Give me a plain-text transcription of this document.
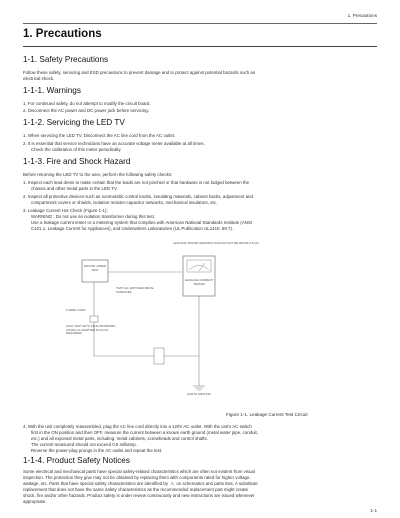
1. Precautions
1. Precautions
1-1. Safety Precautions
Follow these safety, servicing and ESD precautions to prevent damage and to protect against potential hazards such as
electrical shock.
1-1-1. Warnings
1. For continued safety, do not attempt to modify the circuit board.
2. Disconnect the AC power and DC power jack before servicing.
1-1-2. Servicing the LED TV
1. When servicing the LED TV, Disconnect the AC line cord from the AC outlet.
2. It is essential that service technicians have an accurate voltage meter available at all times.
Check the calibration of this meter periodically.
1-1-3. Fire and Shock Hazard
Before returning the LED TV to the user, perform the following safety checks:
1. Inspect each lead dress to make certain that the leads are not pinched or that hardware is not lodged between the
chassis and other metal parts in the LED TV.
2. Inspect all protective devices such as nonmetallic control knobs, insulating materials, cabinet backs, adjustment and
compartment covers or shields, isolation resistor-capacitor networks, mechanical insulators, etc.
3. Leakage Current Hot Check (Figure 1-1):
WARNING : Do not use an isolation transformer during this test.
Use a leakage current tester or a metering system that complies with American National Standards Institute (ANSI
C101.1, Leakage Current for Appliances), and Underwriters Laboratories (UL Publication UL1410, 59.7).
LEAKAGE TESTER (READING SHOULD NOT BE ABOVE 0.5mA)
LEAKAGE CURRENT TESTER
DEVICE UNDER TEST
TEST ALL EXPOSED METAL SURFACES
2-WIRE CORD
ALSO TEST WITH PLUG REVERSED (USING AC ADAPTER PLUG AS REQUIRED)
EARTH GROUND
Figure 1-1. Leakage Current Test Circuit
4. With the unit completely reassembled, plug the AC line cord directly into a 120V AC outlet. With the unit's AC switch
first in the ON position and then OFF, measure the current between a known earth ground (metal water pipe, conduit,
etc.) and all exposed metal parts, including: metal cabinets, screwheads and control shafts.
The current measured should not exceed 0.5 milliamp.
Reverse the power-plug prongs in the AC outlet and repeat the test.
1-1-4. Product Safety Notices
Some electrical and mechanical parts have special safety-related characteristics which are often not evident from visual
inspection. The protection they give may not be obtained by replacing them with components rated for higher voltage,
wattage, etc. Parts that have special safety characteristics are identified by ⚠ on schematics and parts lists. A substitute
replacement that does not have the same safety characteristics as the recommended replacement part might create
shock, fire and/or other hazards. Product safety is under review continuously and new instructions are issued whenever
appropriate.
1-1
